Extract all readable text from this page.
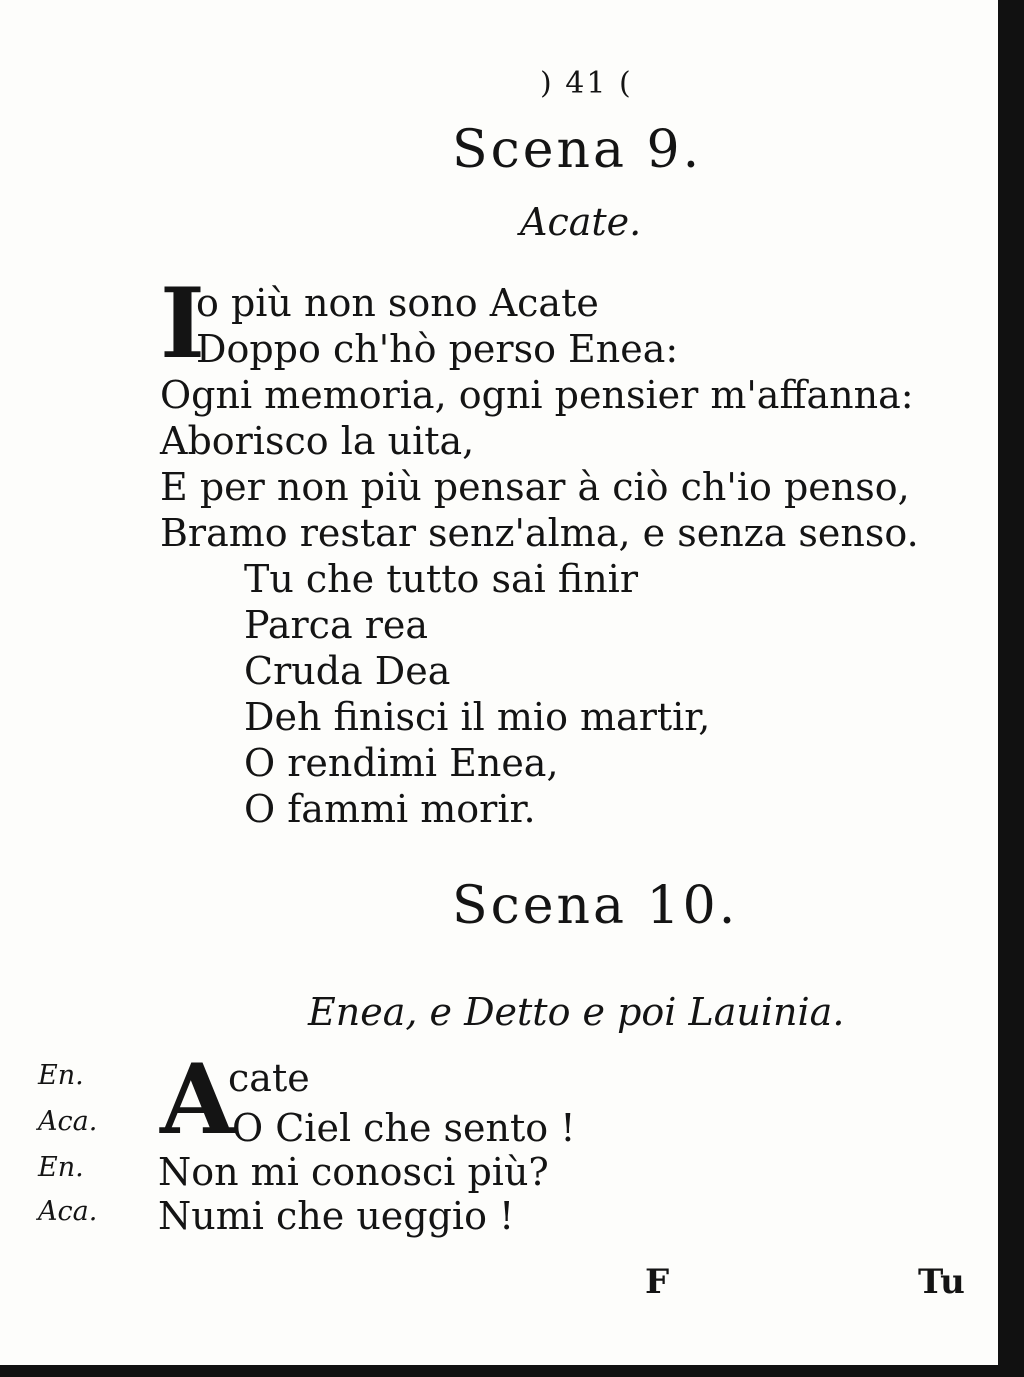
) 41 (
Scena 9.
Acate.
I
o più non sono Acate
Doppo ch'hò perso Enea:
Ogni memoria, ogni pensier m'affanna:
Aborisco la uita,
E per non più pensar à ciò ch'io penso,
Bramo restar senz'alma, e senza senso.
Tu che tutto sai finir
Parca rea
Cruda Dea
Deh finisci il mio martir,
O rendimi Enea,
O fammi morir.
Scena 10.
Enea, e Detto e poi Lauinia.
A
En.	cate
Aca.	O Ciel che sento !
En. Non mi conosci più?
Aca. Numi che ueggio !
F	Tu
